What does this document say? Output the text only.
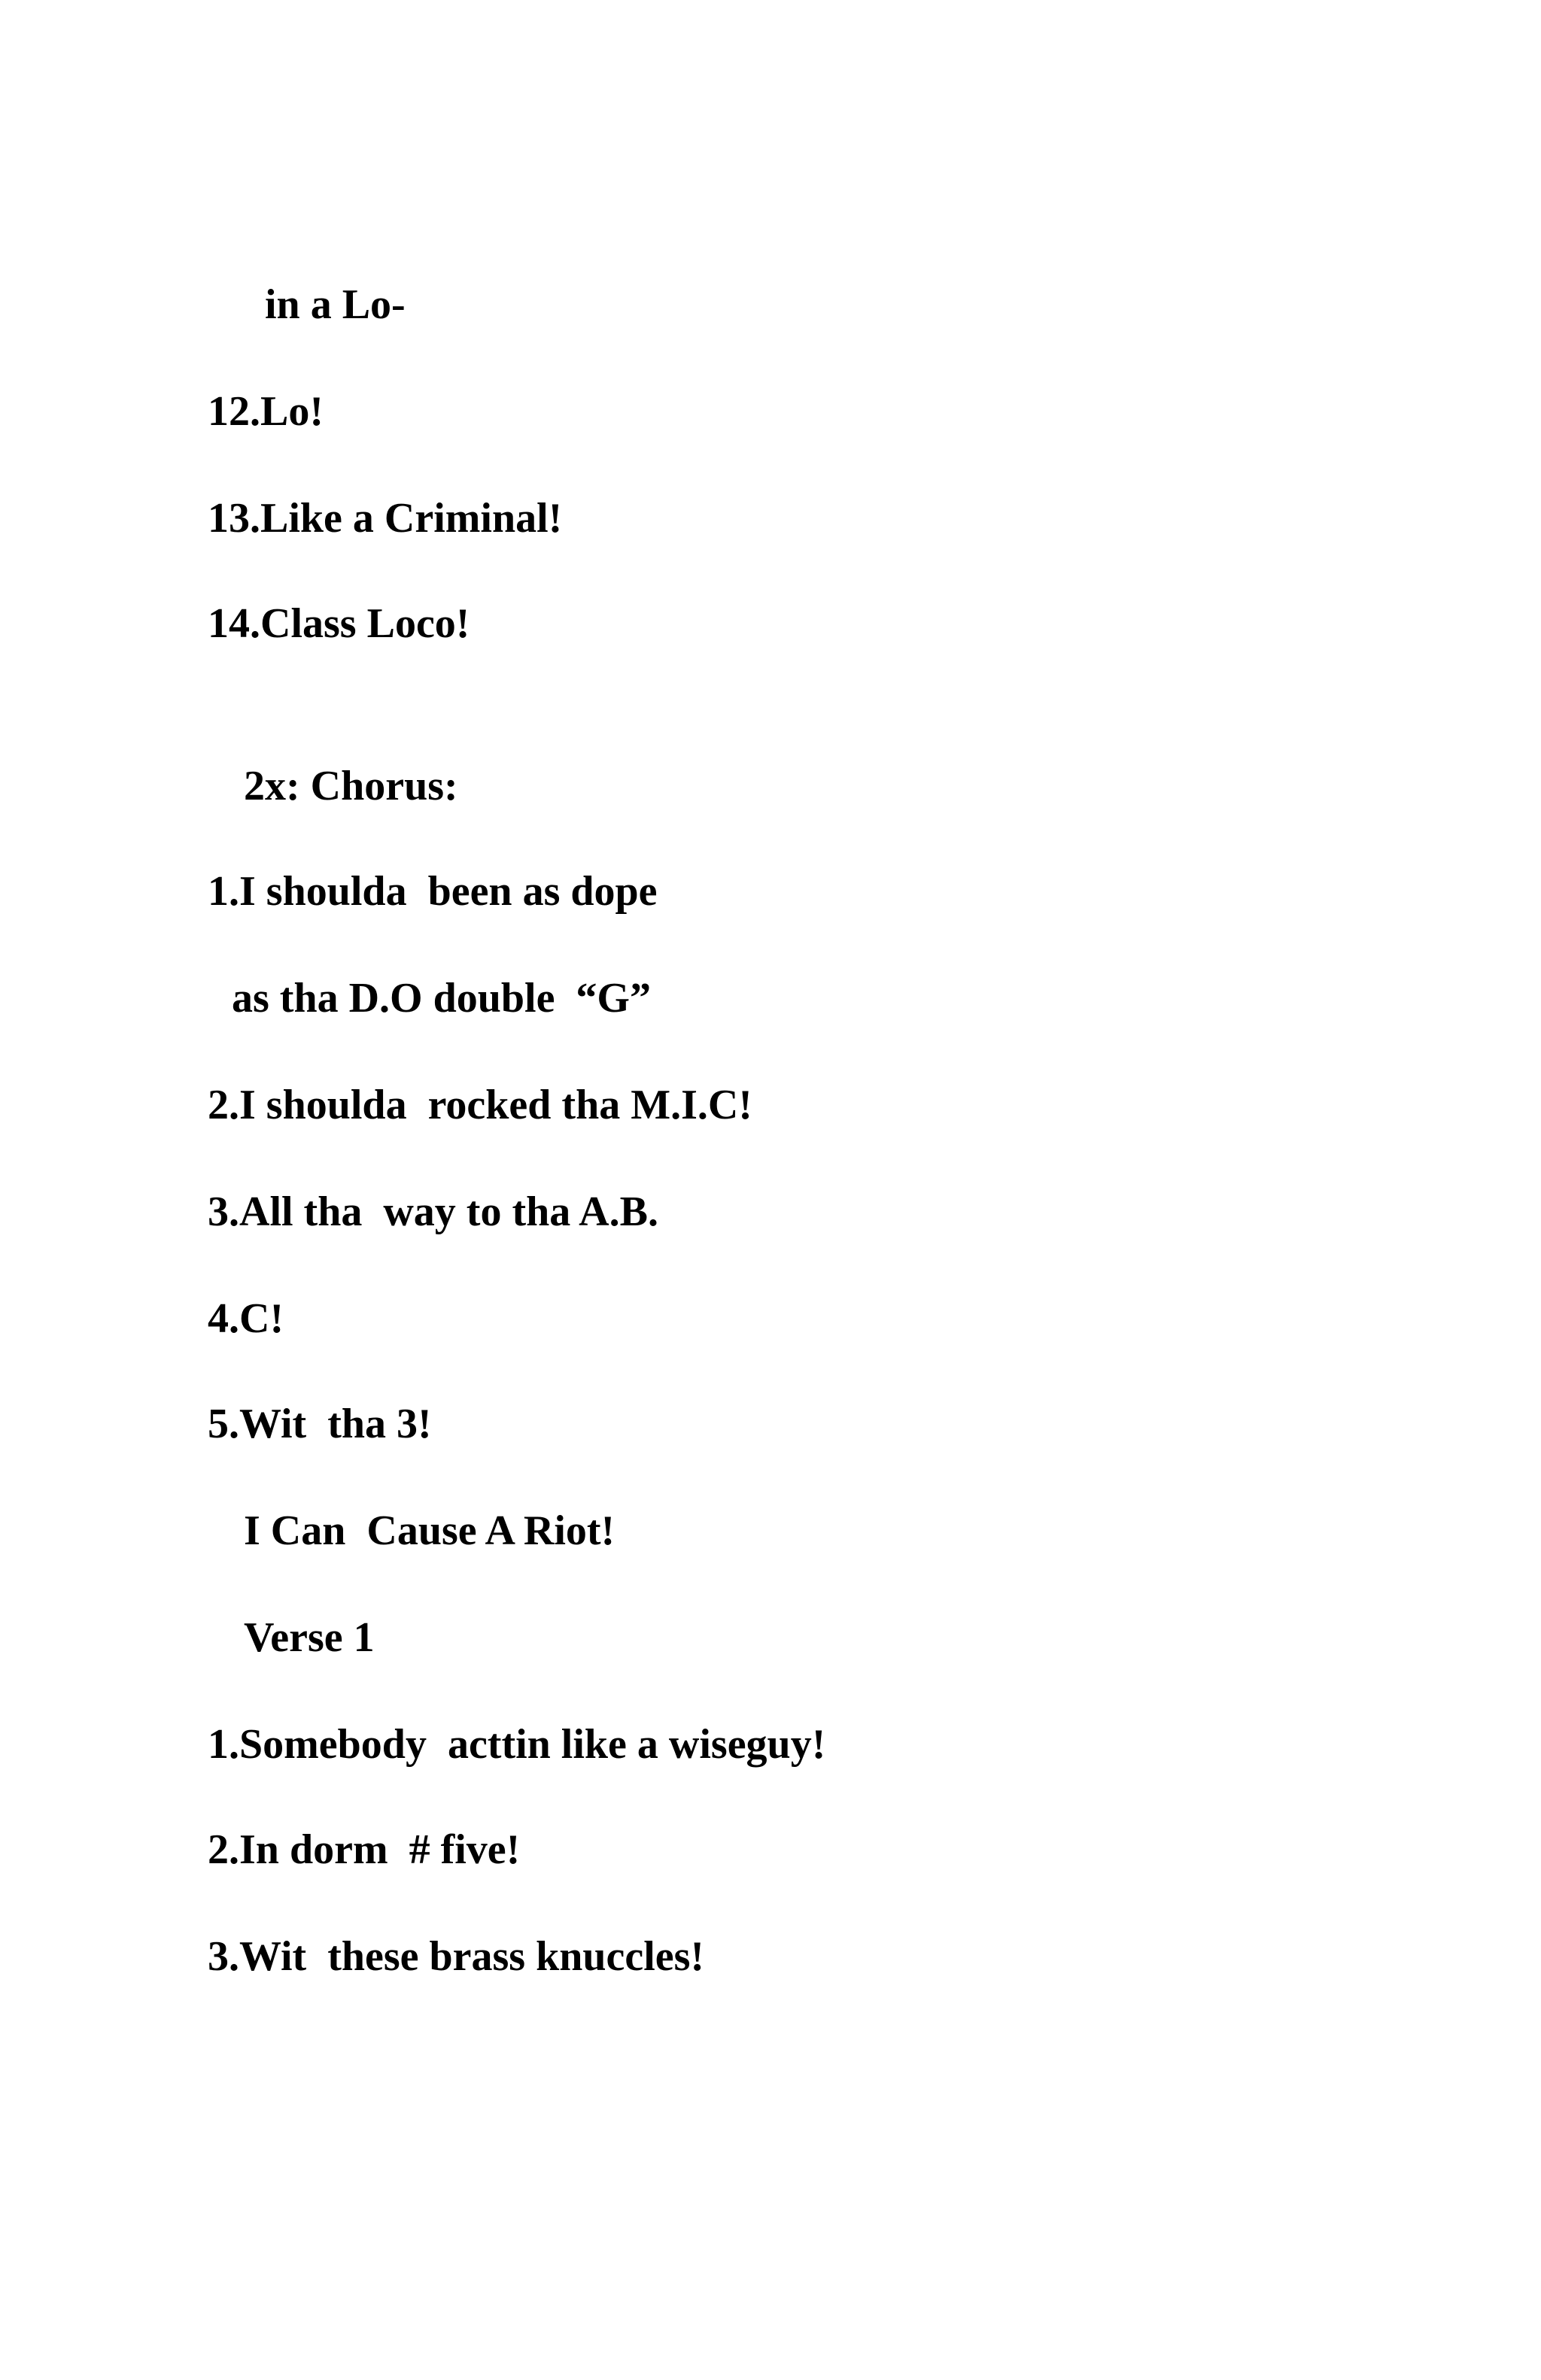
in a Lo-
12.Lo!
13.Like a Criminal!
14.Class Loco!
2x: Chorus:
1.I shoulda  been as dope
as tha D.O double  “G”
2.I shoulda  rocked tha M.I.C!
3.All tha  way to tha A.B.
4.C!
5.Wit  tha 3!
I Can  Cause A Riot!
Verse 1
1.Somebody  acttin like a wiseguy!
2.In dorm  # five!
3.Wit  these brass knuccles!
